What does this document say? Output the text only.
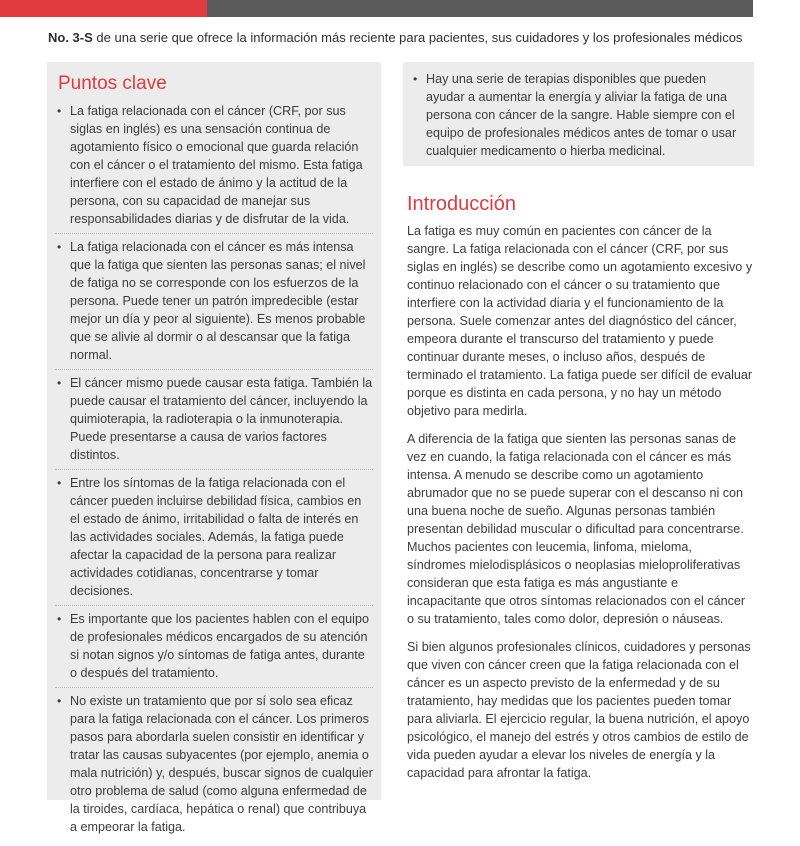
No. 3-S de una serie que ofrece la información más reciente para pacientes, sus cuidadores y los profesionales médicos
Puntos clave
• La fatiga relacionada con el cáncer (CRF, por sus siglas en inglés) es una sensación continua de agotamiento físico o emocional que guarda relación con el cáncer o el tratamiento del mismo. Esta fatiga interfiere con el estado de ánimo y la actitud de la persona, con su capacidad de manejar sus responsabilidades diarias y de disfrutar de la vida.
• La fatiga relacionada con el cáncer es más intensa que la fatiga que sienten las personas sanas; el nivel de fatiga no se corresponde con los esfuerzos de la persona. Puede tener un patrón impredecible (estar mejor un día y peor al siguiente). Es menos probable que se alivie al dormir o al descansar que la fatiga normal.
• El cáncer mismo puede causar esta fatiga. También la puede causar el tratamiento del cáncer, incluyendo la quimioterapia, la radioterapia o la inmunoterapia. Puede presentarse a causa de varios factores distintos.
• Entre los síntomas de la fatiga relacionada con el cáncer pueden incluirse debilidad física, cambios en el estado de ánimo, irritabilidad o falta de interés en las actividades sociales. Además, la fatiga puede afectar la capacidad de la persona para realizar actividades cotidianas, concentrarse y tomar decisiones.
• Es importante que los pacientes hablen con el equipo de profesionales médicos encargados de su atención si notan signos y/o síntomas de fatiga antes, durante o después del tratamiento.
• No existe un tratamiento que por sí solo sea eficaz para la fatiga relacionada con el cáncer. Los primeros pasos para abordarla suelen consistir en identificar y tratar las causas subyacentes (por ejemplo, anemia o mala nutrición) y, después, buscar signos de cualquier otro problema de salud (como alguna enfermedad de la tiroides, cardíaca, hepática o renal) que contribuya a empeorar la fatiga.
• Hay una serie de terapias disponibles que pueden ayudar a aumentar la energía y aliviar la fatiga de una persona con cáncer de la sangre. Hable siempre con el equipo de profesionales médicos antes de tomar o usar cualquier medicamento o hierba medicinal.
Introducción

La fatiga es muy común en pacientes con cáncer de la sangre. La fatiga relacionada con el cáncer (CRF, por sus siglas en inglés) se describe como un agotamiento excesivo y continuo relacionado con el cáncer o su tratamiento que interfiere con la actividad diaria y el funcionamiento de la persona. Suele comenzar antes del diagnóstico del cáncer, empeora durante el transcurso del tratamiento y puede continuar durante meses, o incluso años, después de terminado el tratamiento. La fatiga puede ser difícil de evaluar porque es distinta en cada persona, y no hay un método objetivo para medirla.

A diferencia de la fatiga que sienten las personas sanas de vez en cuando, la fatiga relacionada con el cáncer es más intensa. A menudo se describe como un agotamiento abrumador que no se puede superar con el descanso ni con una buena noche de sueño. Algunas personas también presentan debilidad muscular o dificultad para concentrarse. Muchos pacientes con leucemia, linfoma, mieloma, síndromes mielodisplásicos o neoplasias mieloproliferativas consideran que esta fatiga es más angustiante e incapacitante que otros síntomas relacionados con el cáncer o su tratamiento, tales como dolor, depresión o náuseas.

Si bien algunos profesionales clínicos, cuidadores y personas que viven con cáncer creen que la fatiga relacionada con el cáncer es un aspecto previsto de la enfermedad y de su tratamiento, hay medidas que los pacientes pueden tomar para aliviarla. El ejercicio regular, la buena nutrición, el apoyo psicológico, el manejo del estrés y otros cambios de estilo de vida pueden ayudar a elevar los niveles de energía y la capacidad para afrontar la fatiga.
